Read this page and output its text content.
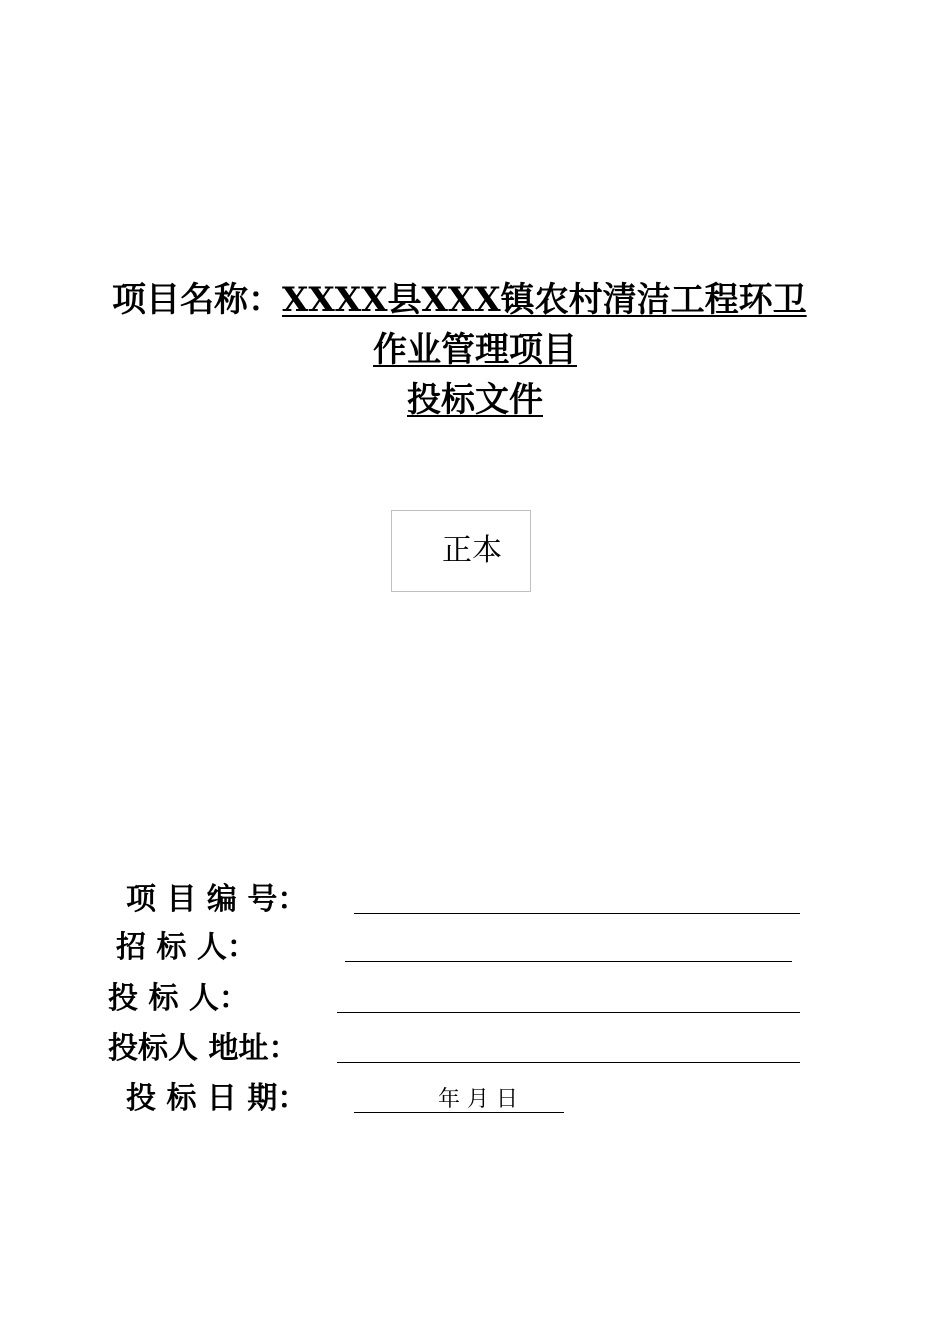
项目名称：XXXX县XXX镇农村清洁工程环卫
作业管理项目
投标文件
正本
项 目 编 号：
招 标 人：
投 标 人：
投标人 地址：
投 标 日 期：	年 月 日
